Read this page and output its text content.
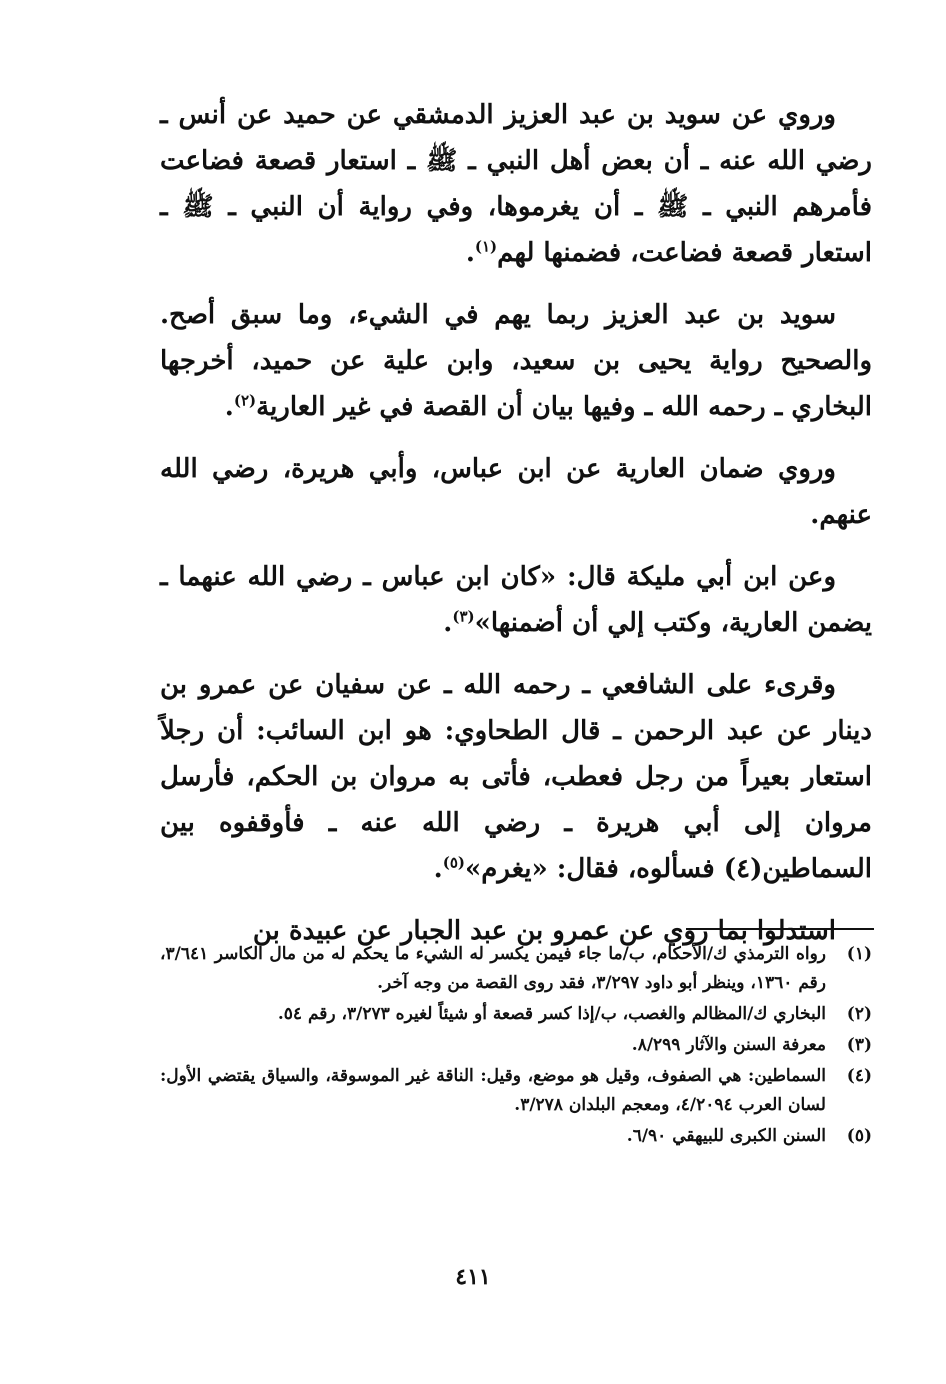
وروي عن سويد بن عبد العزيز الدمشقي عن حميد عن أنس ـ رضي الله عنه ـ أن بعض أهل النبي ـ ﷺ ـ استعار قصعة فضاعت فأمرهم النبي ـ ﷺ ـ أن يغرموها، وفي رواية أن النبي ـ ﷺ ـ استعار قصعة فضاعت، فضمنها لهم$^{(١)}$.

سويد بن عبد العزيز ربما يهم في الشيء، وما سبق أصح. والصحيح رواية يحيى بن سعيد، وابن علية عن حميد، أخرجها البخاري ـ رحمه الله ـ وفيها بيان أن القصة في غير العارية$^{(٢)}$.

وروي ضمان العارية عن ابن عباس، وأبي هريرة، رضي الله عنهم.

وعن ابن أبي مليكة قال: «كان ابن عباس ـ رضي الله عنهما ـ يضمن العارية، وكتب إلي أن أضمنها»$^{(٣)}$.

وقرىء على الشافعي ـ رحمه الله ـ عن سفيان عن عمرو بن دينار عن عبد الرحمن ـ قال الطحاوي: هو ابن السائب: أن رجلاً استعار بعيراً من رجل فعطب، فأتى به مروان بن الحكم، فأرسل مروان إلى أبي هريرة ـ رضي الله عنه ـ فأوقفوه بين السماطين(٤) فسألوه، فقال: «يغرم»$^{(٥)}$.

استدلوا بما روي عن عمرو بن عبد الجبار عن عبيدة بن

(١)
رواه الترمذي ك/الأحكام، ب/ما جاء فيمن يكسر له الشيء ما يحكم له من مال الكاسر ٣/٦٤١، رقم ١٣٦٠، وينظر أبو داود ٣/٢٩٧، فقد روى القصة من وجه آخر.
(٢)
البخاري ك/المظالم والغصب، ب/إذا كسر قصعة أو شيئاً لغيره ٣/٢٧٣، رقم ٥٤.
(٣)
معرفة السنن والآثار ٨/٢٩٩.
(٤)
السماطين: هي الصفوف، وقيل هو موضع، وقيل: الناقة غير الموسوقة، والسياق يقتضي الأول: لسان العرب ٤/٢٠٩٤، ومعجم البلدان ٣/٢٧٨.
(٥)
السنن الكبرى للبيهقي ٦/٩٠.
٤١١
